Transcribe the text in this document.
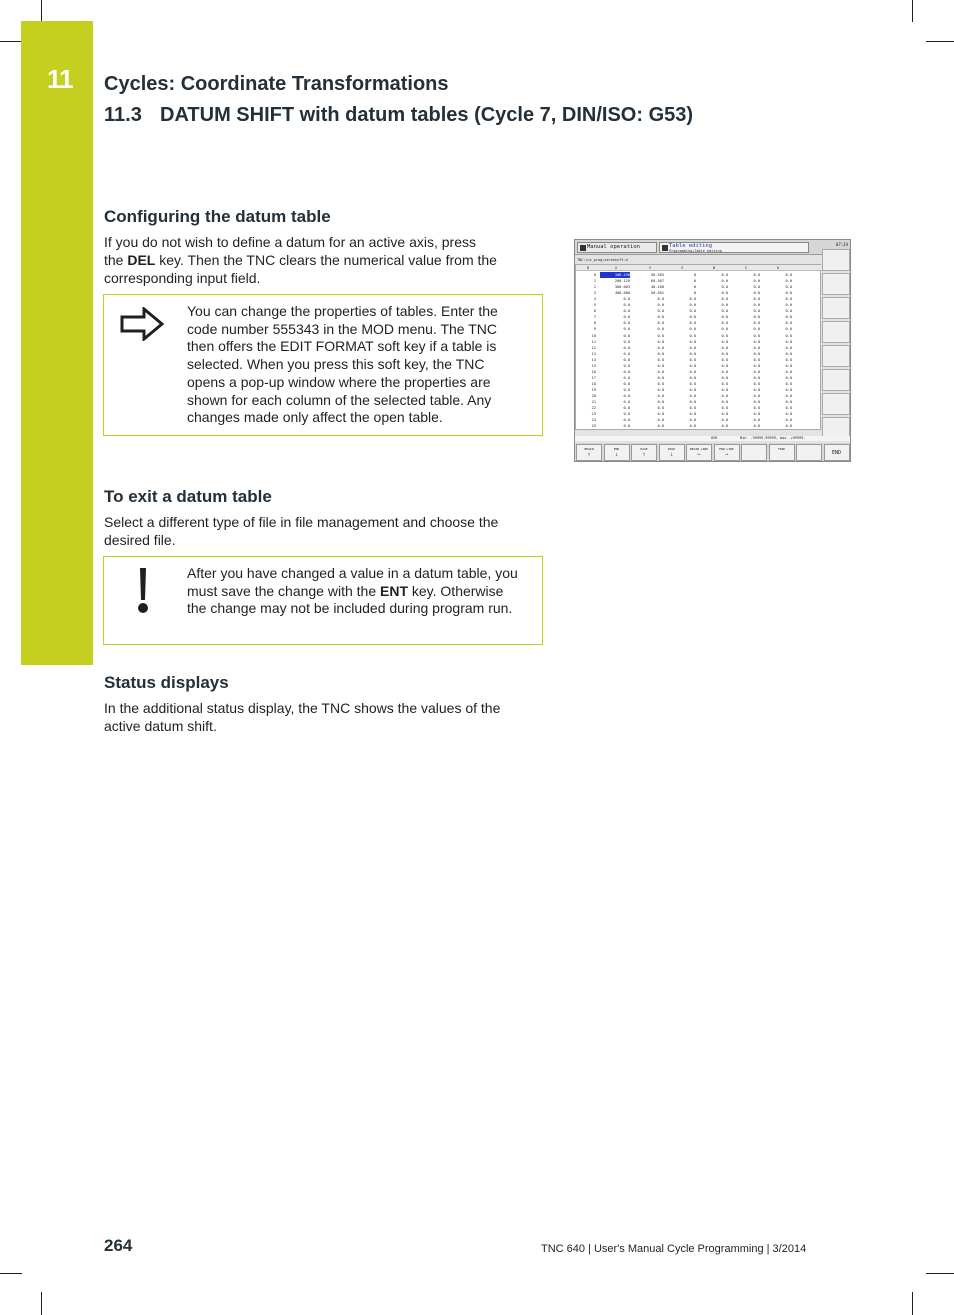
11 Cycles: Coordinate Transformations
11.3 DATUM SHIFT with datum tables (Cycle 7, DIN/ISO: G53)
Configuring the datum table
If you do not wish to define a datum for an active axis, press
the DEL key. Then the TNC clears the numerical value from the
corresponding input field.
You can change the properties of tables. Enter the
code number 555343 in the MOD menu. The TNC
then offers the EDIT FORMAT soft key if a table is
selected. When you press this soft key, the TNC
opens a pop-up window where the properties are
shown for each column of the selected table. Any
changes made only affect the open table.
To exit a datum table
Select a different type of file in file management and choose the
desired file.
After you have changed a value in a datum table, you
must save the change with the ENT key. Otherwise
the change may not be included during program run.
Status displays
In the additional status display, the TNC shows the values of the
active datum shift.
Manual operation	Table editing
Programming+Table editing
07:34
TNC:\nc_prog\zeroshift.d
D	X	Y	Z	B	C	U
0	100.236	50.583	0	0.0	0.0	0.0
1	200.129	60.507	0	0.0	0.0	0.0
2	300.003	40.100	0	0.0	0.0	0.0
3	400.080	50.501	0	0.0	0.0	0.0
4	0.0	0.0	0.0	0.0	0.0	0.0
5	0.0	0.0	0.0	0.0	0.0	0.0
6	0.0	0.0	0.0	0.0	0.0	0.0
7	0.0	0.0	0.0	0.0	0.0	0.0
8	0.0	0.0	0.0	0.0	0.0	0.0
9	0.0	0.0	0.0	0.0	0.0	0.0
10	0.0	0.0	0.0	0.0	0.0	0.0
11	0.0	0.0	0.0	0.0	0.0	0.0
12	0.0	0.0	0.0	0.0	0.0	0.0
13	0.0	0.0	0.0	0.0	0.0	0.0
14	0.0	0.0	0.0	0.0	0.0	0.0
15	0.0	0.0	0.0	0.0	0.0	0.0
16	0.0	0.0	0.0	0.0	0.0	0.0
17	0.0	0.0	0.0	0.0	0.0	0.0
18	0.0	0.0	0.0	0.0	0.0	0.0
19	0.0	0.0	0.0	0.0	0.0	0.0
20	0.0	0.0	0.0	0.0	0.0	0.0
21	0.0	0.0	0.0	0.0	0.0	0.0
22	0.0	0.0	0.0	0.0	0.0	0.0
23	0.0	0.0	0.0	0.0	0.0	0.0
24	0.0	0.0	0.0	0.0	0.0	0.0
25	0.0	0.0	0.0	0.0	0.0	0.0
OVR	Min. -99999.99999, max. +99999.
BEGIN
↑
END
↓
PAGE
↑
PAGE
↓
BEGIN LINE
←
END LINE
→
FIND
END
264	TNC 640 | User's Manual Cycle Programming | 3/2014
